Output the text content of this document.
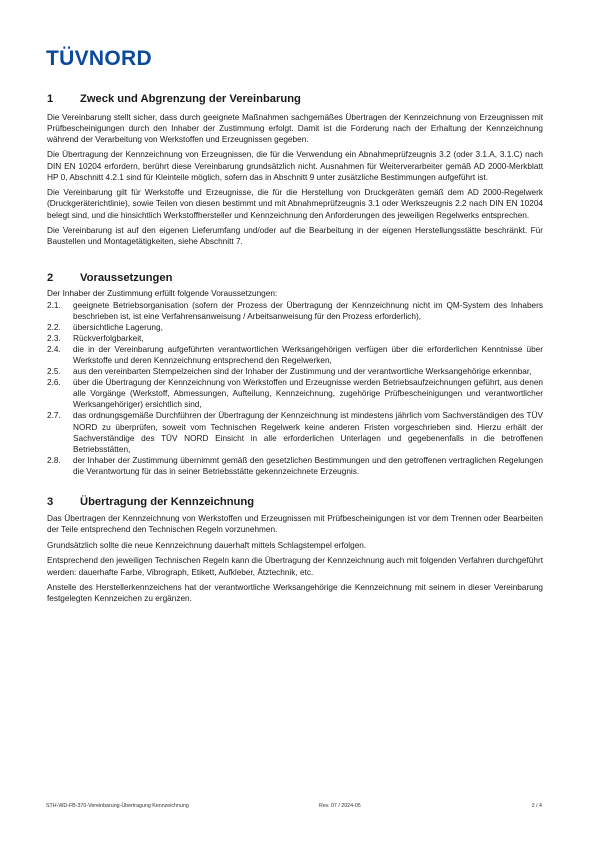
TÜVNORD
1	Zweck und Abgrenzung der Vereinbarung

Die Vereinbarung stellt sicher, dass durch geeignete Maßnahmen sachgemäßes Übertragen der Kennzeichnung von Erzeugnissen mit Prüfbescheinigungen durch den Inhaber der Zustimmung erfolgt. Damit ist die Forderung nach der Erhaltung der Kennzeichnung während der Verarbeitung von Werkstoffen und Erzeugnissen gegeben.

Die Übertragung der Kennzeichnung von Erzeugnissen, die für die Verwendung ein Abnahmeprüfzeugnis 3.2 (oder 3.1.A, 3.1.C) nach DIN EN 10204 erfordern, berührt diese Vereinbarung grundsätzlich nicht. Ausnahmen für Weiterverarbeiter gemäß AD 2000-Merkblatt HP 0, Abschnitt 4.2.1 sind für Kleinteile möglich, sofern das in Abschnitt 9 unter zusätzliche Bestimmungen aufgeführt ist.

Die Vereinbarung gilt für Werkstoffe und Erzeugnisse, die für die Herstellung von Druckgeräten gemäß dem AD 2000-Regelwerk (Druckgeräterichtlinie), sowie Teilen von diesen bestimmt und mit Abnahmeprüfzeugnis 3.1 oder Werkszeugnis 2.2 nach DIN EN 10204 belegt sind, und die hinsichtlich Werkstoffhersteller und Kennzeichnung den Anforderungen des jeweiligen Regelwerks entsprechen.

Die Vereinbarung ist auf den eigenen Lieferumfang und/oder auf die Bearbeitung in der eigenen Herstellungsstätte beschränkt. Für Baustellen und Montagetätigkeiten, siehe Abschnitt 7.

2	Voraussetzungen

Der Inhaber der Zustimmung erfüllt folgende Voraussetzungen:

2.1.	geeignete Betriebsorganisation (sofern der Prozess der Übertragung der Kennzeichnung nicht im QM-System des Inhabers beschrieben ist, ist eine Verfahrensanweisung / Arbeitsanweisung für den Prozess erforderlich),
2.2.	übersichtliche Lagerung,
2.3.	Rückverfolgbarkeit,
2.4.	die in der Vereinbarung aufgeführten verantwortlichen Werksangehörigen verfügen über die erforderlichen Kenntnisse über Werkstoffe und deren Kennzeichnung entsprechend den Regelwerken,
2.5.	aus den vereinbarten Stempelzeichen sind der Inhaber der Zustimmung und der verantwortliche Werksangehörige erkennbar,
2.6.	über die Übertragung der Kennzeichnung von Werkstoffen und Erzeugnisse werden Betriebsaufzeichnungen geführt, aus denen alle Vorgänge (Werkstoff, Abmessungen, Aufteilung, Kennzeichnung, zugehörige Prüfbescheinigungen und verantwortlicher Werksangehöriger) ersichtlich sind,
2.7.	das ordnungsgemäße Durchführen der Übertragung der Kennzeichnung ist mindestens jährlich vom Sachverständigen des TÜV NORD zu überprüfen, soweit vom Technischen Regelwerk keine anderen Fristen vorgeschrieben sind. Hierzu erhält der Sachverständige des TÜV NORD Einsicht in alle erforderlichen Unterlagen und gegebenenfalls in die betroffenen Betriebsstätten,
2.8.	der Inhaber der Zustimmung übernimmt gemäß den gesetzlichen Bestimmungen und den getroffenen vertraglichen Regelungen die Verantwortung für das in seiner Betriebsstätte gekennzeichnete Erzeugnis.
3	Übertragung der Kennzeichnung

Das Übertragen der Kennzeichnung von Werkstoffen und Erzeugnissen mit Prüfbescheinigungen ist vor dem Trennen oder Bearbeiten der Teile entsprechend den Technischen Regeln vorzunehmen.

Grundsätzlich sollte die neue Kennzeichnung dauerhaft mittels Schlagstempel erfolgen.

Entsprechend den jeweiligen Technischen Regeln kann die Übertragung der Kennzeichnung auch mit folgenden Verfahren durchgeführt werden: dauerhafte Farbe, Vibrograph, Etikett, Aufkleber, Ätztechnik, etc.

Anstelle des Herstellerkennzeichens hat der verantwortliche Werksangehörige die Kennzeichnung mit seinem in dieser Vereinbarung festgelegten Kennzeichen zu ergänzen.

STH-WD-FB-370-Vereinbarung-Übertragung Kennzeichnung	Rev. 07 / 2024-05	2 / 4
